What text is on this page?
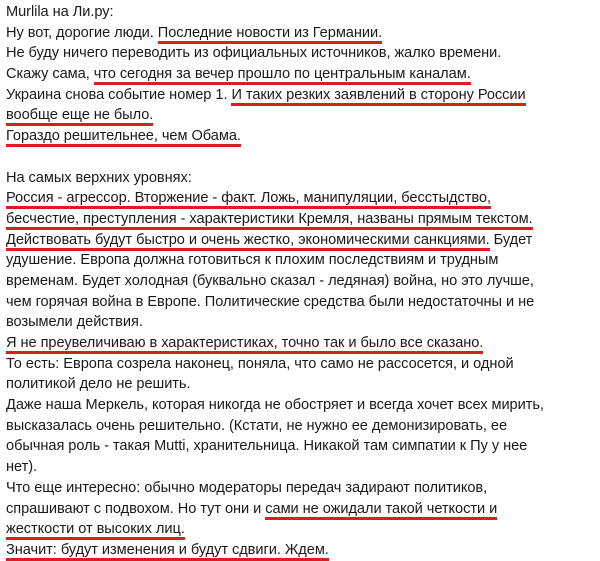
Murlila на Ли.ру:
Ну вот, дорогие люди. Последние новости из Германии.
Не буду ничего переводить из официальных источников, жалко времени.
Скажу сама, что сегодня за вечер прошло по центральным каналам.
Украина снова событие номер 1. И таких резких заявлений в сторону России
вообще еще не было.
Гораздо решительнее, чем Обама.
На самых верхних уровнях:
Россия - агрессор. Вторжение - факт. Ложь, манипуляции, бесстыдство,
бесчестие, преступления - характеристики Кремля, названы прямым текстом.
Действовать будут быстро и очень жестко, экономическими санкциями. Будет
удушение. Европа должна готовиться к плохим последствиям и трудным
временам. Будет холодная (буквально сказал - ледяная) война, но это лучше,
чем горячая война в Европе. Политические средства были недостаточны и не
возымели действия.
Я не преувеличиваю в характеристиках, точно так и было все сказано.
То есть: Европа созрела наконец, поняла, что само не рассосется, и одной
политикой дело не решить.
Даже наша Меркель, которая никогда не обостряет и всегда хочет всех мирить,
высказалась очень решительно. (Кстати, не нужно ее демонизировать, ее
обычная роль - такая Mutti, хранительница. Никакой там симпатии к Пу у нее
нет).
Что еще интересно: обычно модераторы передач задирают политиков,
спрашивают с подвохом. Но тут они и сами не ожидали такой четкости и
жесткости от высоких лиц.
Значит: будут изменения и будут сдвиги. Ждем.
